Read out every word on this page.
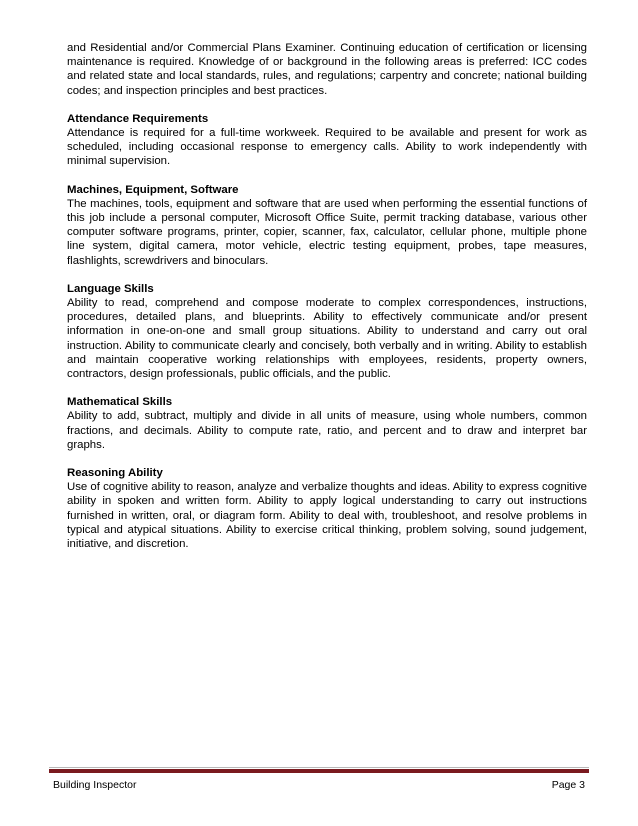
and Residential and/or Commercial Plans Examiner. Continuing education of certification or licensing maintenance is required. Knowledge of or background in the following areas is preferred: ICC codes and related state and local standards, rules, and regulations; carpentry and concrete; national building codes; and inspection principles and best practices.

Attendance Requirements

Attendance is required for a full-time workweek. Required to be available and present for work as scheduled, including occasional response to emergency calls. Ability to work independently with minimal supervision.

Machines, Equipment, Software

The machines, tools, equipment and software that are used when performing the essential functions of this job include a personal computer, Microsoft Office Suite, permit tracking database, various other computer software programs, printer, copier, scanner, fax, calculator, cellular phone, multiple phone line system, digital camera, motor vehicle, electric testing equipment, probes, tape measures, flashlights, screwdrivers and binoculars.

Language Skills

Ability to read, comprehend and compose moderate to complex correspondences, instructions, procedures, detailed plans, and blueprints. Ability to effectively communicate and/or present information in one-on-one and small group situations. Ability to understand and carry out oral instruction. Ability to communicate clearly and concisely, both verbally and in writing. Ability to establish and maintain cooperative working relationships with employees, residents, property owners, contractors, design professionals, public officials, and the public.

Mathematical Skills

Ability to add, subtract, multiply and divide in all units of measure, using whole numbers, common fractions, and decimals. Ability to compute rate, ratio, and percent and to draw and interpret bar graphs.

Reasoning Ability

Use of cognitive ability to reason, analyze and verbalize thoughts and ideas. Ability to express cognitive ability in spoken and written form. Ability to apply logical understanding to carry out instructions furnished in written, oral, or diagram form. Ability to deal with, troubleshoot, and resolve problems in typical and atypical situations. Ability to exercise critical thinking, problem solving, sound judgement, initiative, and discretion.

Building Inspector	Page 3
